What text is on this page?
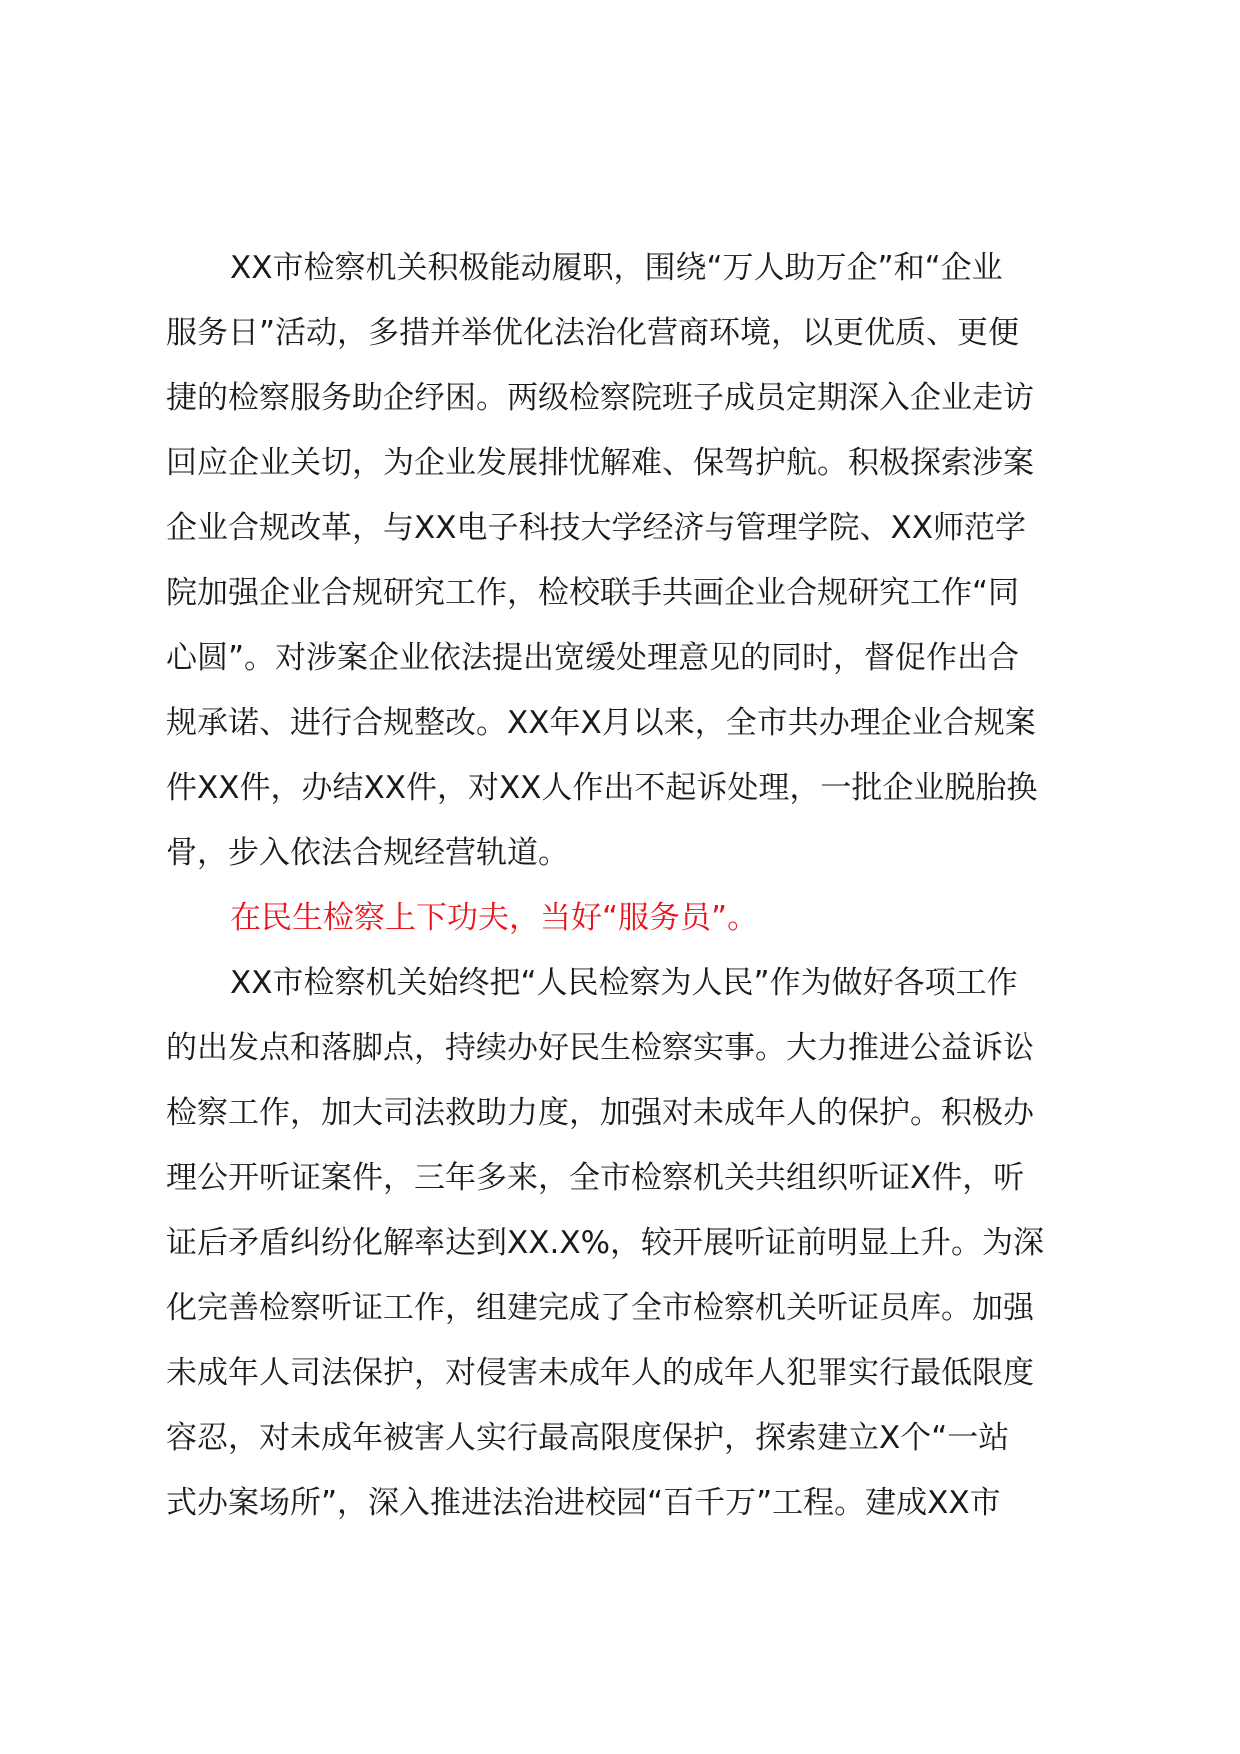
XX市检察机关积极能动履职，围绕“万人助万企”和“企业
服务日”活动，多措并举优化法治化营商环境，以更优质、更便
捷的检察服务助企纾困。两级检察院班子成员定期深入企业走访
回应企业关切，为企业发展排忧解难、保驾护航。积极探索涉案
企业合规改革，与XX电子科技大学经济与管理学院、XX师范学
院加强企业合规研究工作，检校联手共画企业合规研究工作“同
心圆”。对涉案企业依法提出宽缓处理意见的同时，督促作出合
规承诺、进行合规整改。XX年X月以来，全市共办理企业合规案
件XX件，办结XX件，对XX人作出不起诉处理，一批企业脱胎换
骨，步入依法合规经营轨道。
在民生检察上下功夫，当好“服务员”。
XX市检察机关始终把“人民检察为人民”作为做好各项工作
的出发点和落脚点，持续办好民生检察实事。大力推进公益诉讼
检察工作，加大司法救助力度，加强对未成年人的保护。积极办
理公开听证案件，三年多来，全市检察机关共组织听证X件，听
证后矛盾纠纷化解率达到XX.X%，较开展听证前明显上升。为深
化完善检察听证工作，组建完成了全市检察机关听证员库。加强
未成年人司法保护，对侵害未成年人的成年人犯罪实行最低限度
容忍，对未成年被害人实行最高限度保护，探索建立X个“一站
式办案场所”，深入推进法治进校园“百千万”工程。建成XX市
